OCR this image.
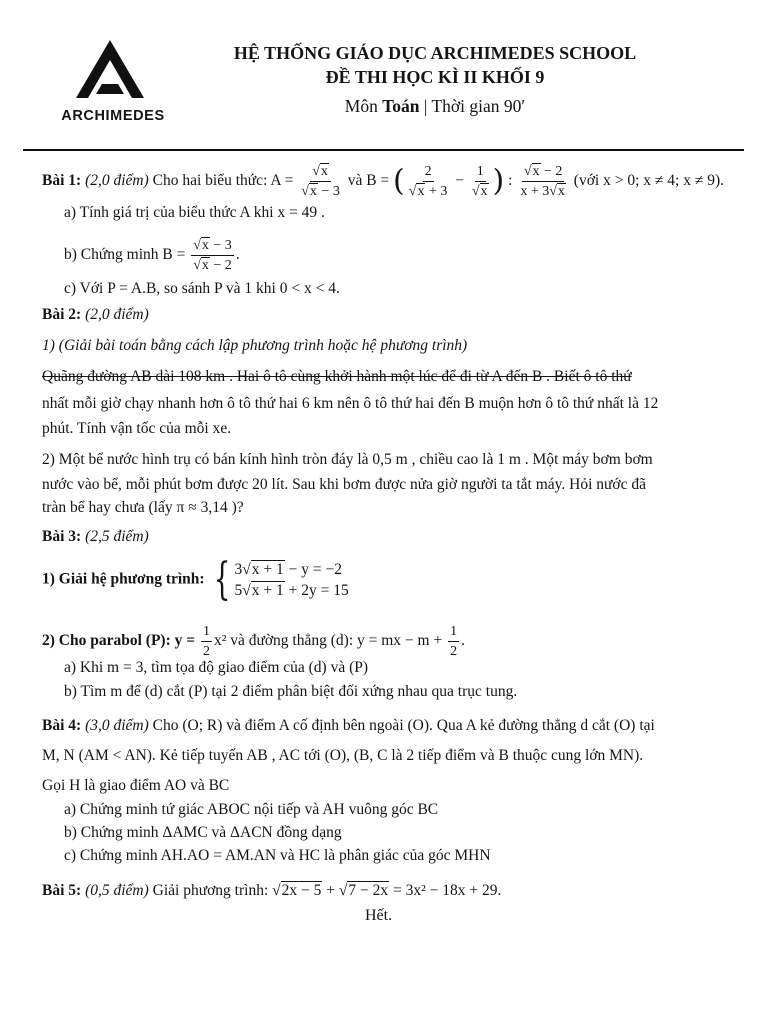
ARCHIMEDES
HỆ THỐNG GIÁO DỤC ARCHIMEDES SCHOOL
ĐỀ THI HỌC KÌ II KHỐI 9
Môn Toán | Thời gian 90′
Bài 1: (2,0 điểm) Cho hai biểu thức: $A = \frac{√x}{√x - 3}$ và B = ( $\frac{2}{√x + 3} - \frac{1}{√x}$ ) : $\frac{√x - 2}{x + 3√x}$ (với x > 0; x ≠ 4; x ≠ 9).
a) Tính giá trị của biểu thức A khi x = 49 .
b) Chứng minh $B = \frac{√x - 3}{√x - 2}$ .
c) Với P = A.B, so sánh P và 1 khi 0 < x < 4.
Bài 2: (2,0 điểm)
1) (Giải bài toán bằng cách lập phương trình hoặc hệ phương trình)
Quãng đường AB dài 108 km . Hai ô tô cùng khởi hành một lúc để đi từ A đến B . Biết ô tô thứ
nhất mỗi giờ chạy nhanh hơn ô tô thứ hai 6 km nên ô tô thứ hai đến B muộn hơn ô tô thứ nhất là 12
phút. Tính vận tốc của mỗi xe.
2) Một bể nước hình trụ có bán kính hình tròn đáy là 0,5 m , chiều cao là 1 m . Một máy bơm bơm
nước vào bể, mỗi phút bơm được 20 lít. Sau khi bơm được nửa giờ người ta tắt máy. Hỏi nước đã
tràn bể hay chưa (lấy π ≈ 3,14 )?
Bài 3: (2,5 điểm)
1) Giải hệ phương trình: { 3√x + 1 − y = −2
5√x + 1 + 2y = 15
2) Cho parabol (P): $y = \frac{1}{2} x^2$ và đường thẳng (d): y = mx − $m + \frac{1}{2}$ .
a) Khi m = 3, tìm tọa độ giao điểm của (d) và (P)
b) Tìm m để (d) cắt (P) tại 2 điểm phân biệt đối xứng nhau qua trục tung.
Bài 4: (3,0 điểm) Cho (O; R) và điểm A cố định bên ngoài (O). Qua A kẻ đường thẳng d cắt (O) tại
M, N (AM < AN). Kẻ tiếp tuyến AB , AC tới (O), (B, C là 2 tiếp điểm và B thuộc cung lớn MN).
Gọi H là giao điểm AO và BC
a) Chứng minh tứ giác ABOC nội tiếp và AH vuông góc BC
b) Chứng minh ΔAMC và ΔACN đồng dạng
c) Chứng minh AH.AO = AM.AN và HC là phân giác của góc MHN
Bài 5: (0,5 điểm) Giải phương trình: √2x − 5 + √7 − 2x = 3x² − 18x + 29.
Hết.
